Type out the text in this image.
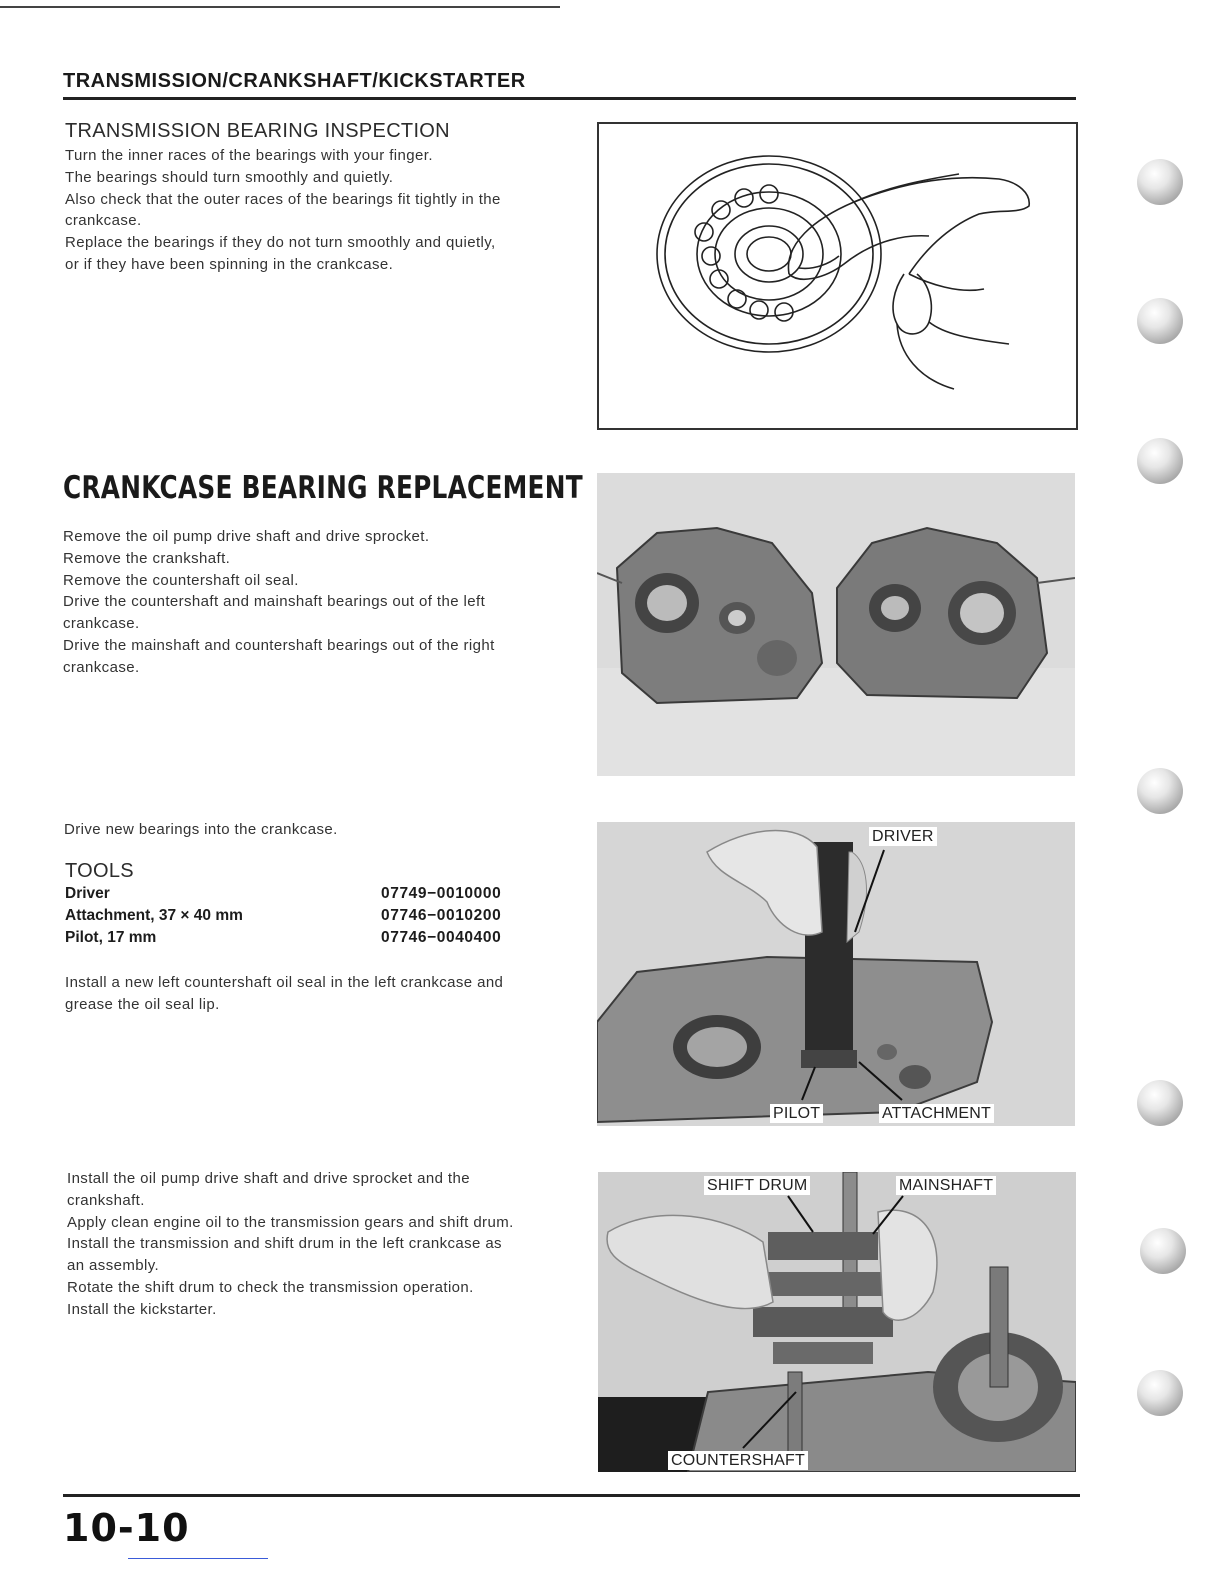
TRANSMISSION/CRANKSHAFT/KICKSTARTER
TRANSMISSION BEARING INSPECTION
Turn the inner races of the bearings with your finger.
The bearings should turn smoothly and quietly.
Also check that the outer races of the bearings fit tightly in the
crankcase.
Replace the bearings if they do not turn smoothly and quietly,
or if they have been spinning in the crankcase.
CRANKCASE BEARING REPLACEMENT
Remove the oil pump drive shaft and drive sprocket.
Remove the crankshaft.
Remove the countershaft oil seal.
Drive the countershaft and mainshaft bearings out of the left
crankcase.
Drive the mainshaft and countershaft bearings out of the right
crankcase.
Drive new bearings into the crankcase.
TOOLS
Driver	07749−0010000
Attachment, 37 × 40 mm	07746−0010200
Pilot, 17 mm	07746−0040400
Install a new left countershaft oil seal in the left crankcase and
grease the oil seal lip.
DRIVER
PILOT	ATTACHMENT
Install the oil pump drive shaft and drive sprocket and the
crankshaft.
Apply clean engine oil to the transmission gears and shift drum.
Install the transmission and shift drum in the left crankcase as
an assembly.
Rotate the shift drum to check the transmission operation.
Install the kickstarter.
SHIFT DRUM	MAINSHAFT
COUNTERSHAFT
10-10
